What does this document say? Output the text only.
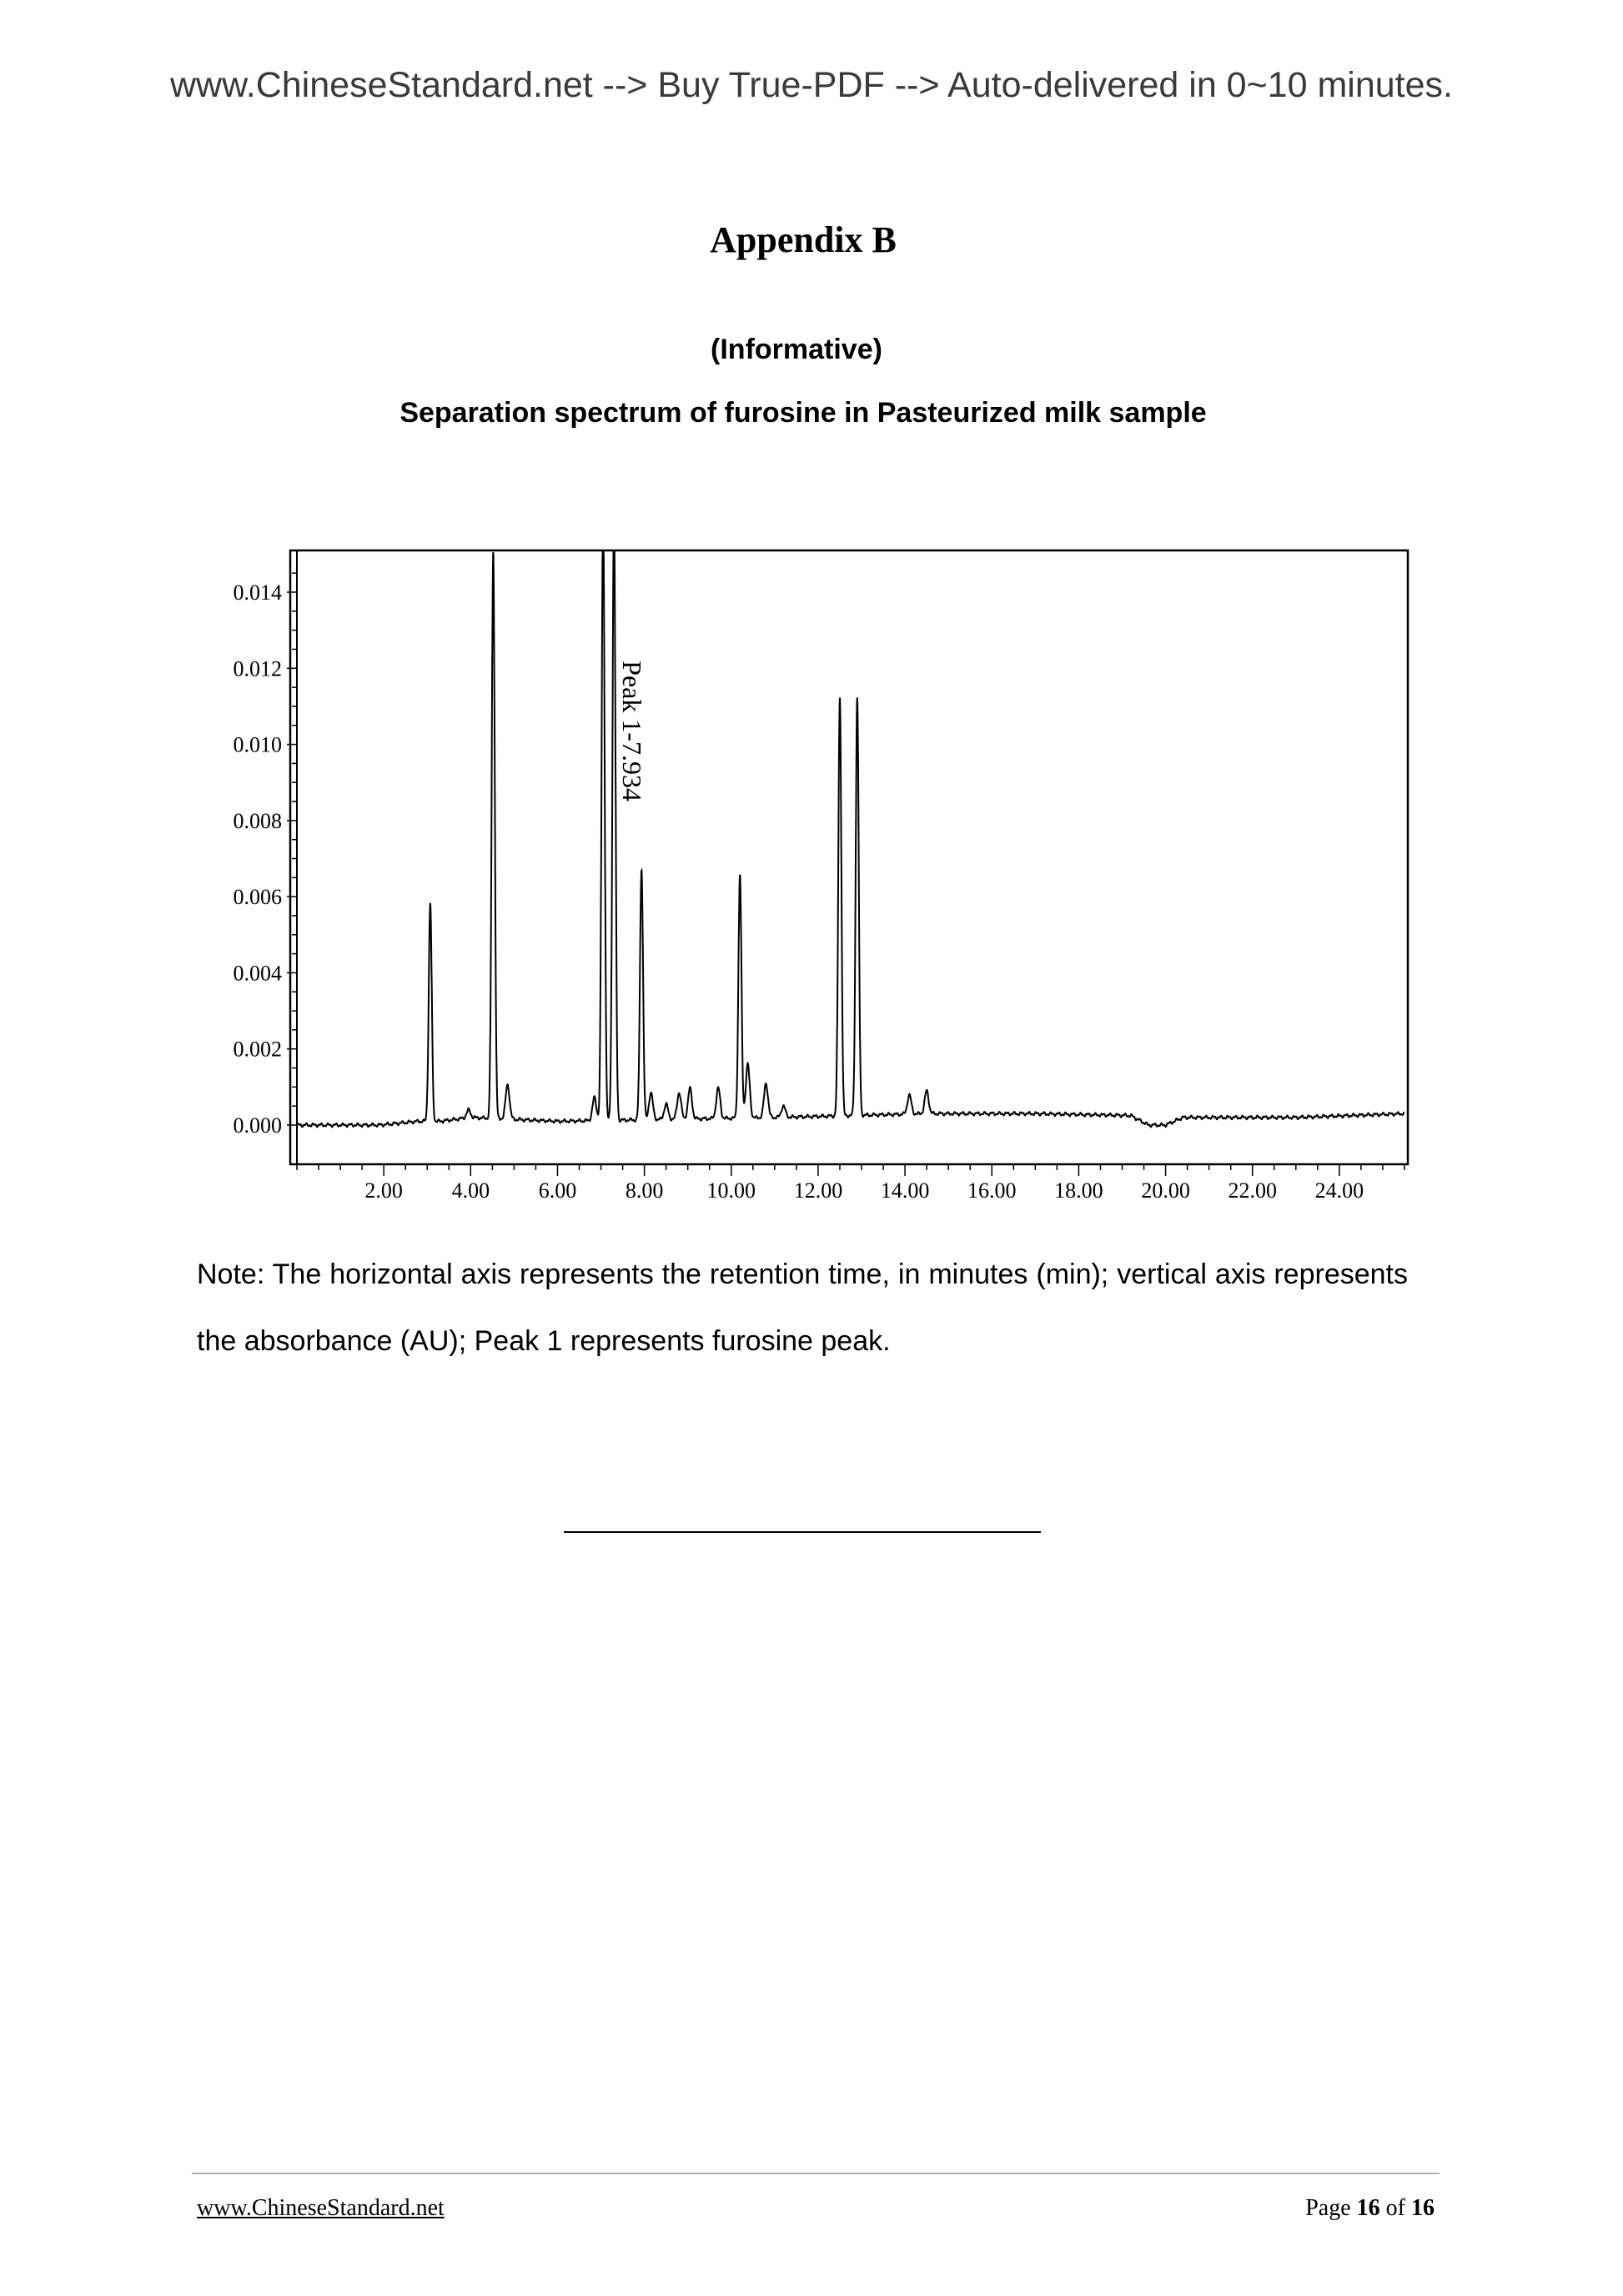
www.ChineseStandard.net --> Buy True-PDF --> Auto-delivered in 0~10 minutes.
Appendix B
(Informative)
Separation spectrum of furosine in Pasteurized milk sample
0.000
0.002
0.004
0.006
0.008
0.010
0.012
0.014
2.00 4.00 6.00 8.00 10.00 12.00 14.00 16.00 18.00 20.00 22.00 24.00
Peak 1-7.934
Note: The horizontal axis represents the retention time, in minutes (min); vertical axis represents the absorbance (AU); Peak 1 represents furosine peak.
www.ChineseStandard.net	Page 16 of 16
